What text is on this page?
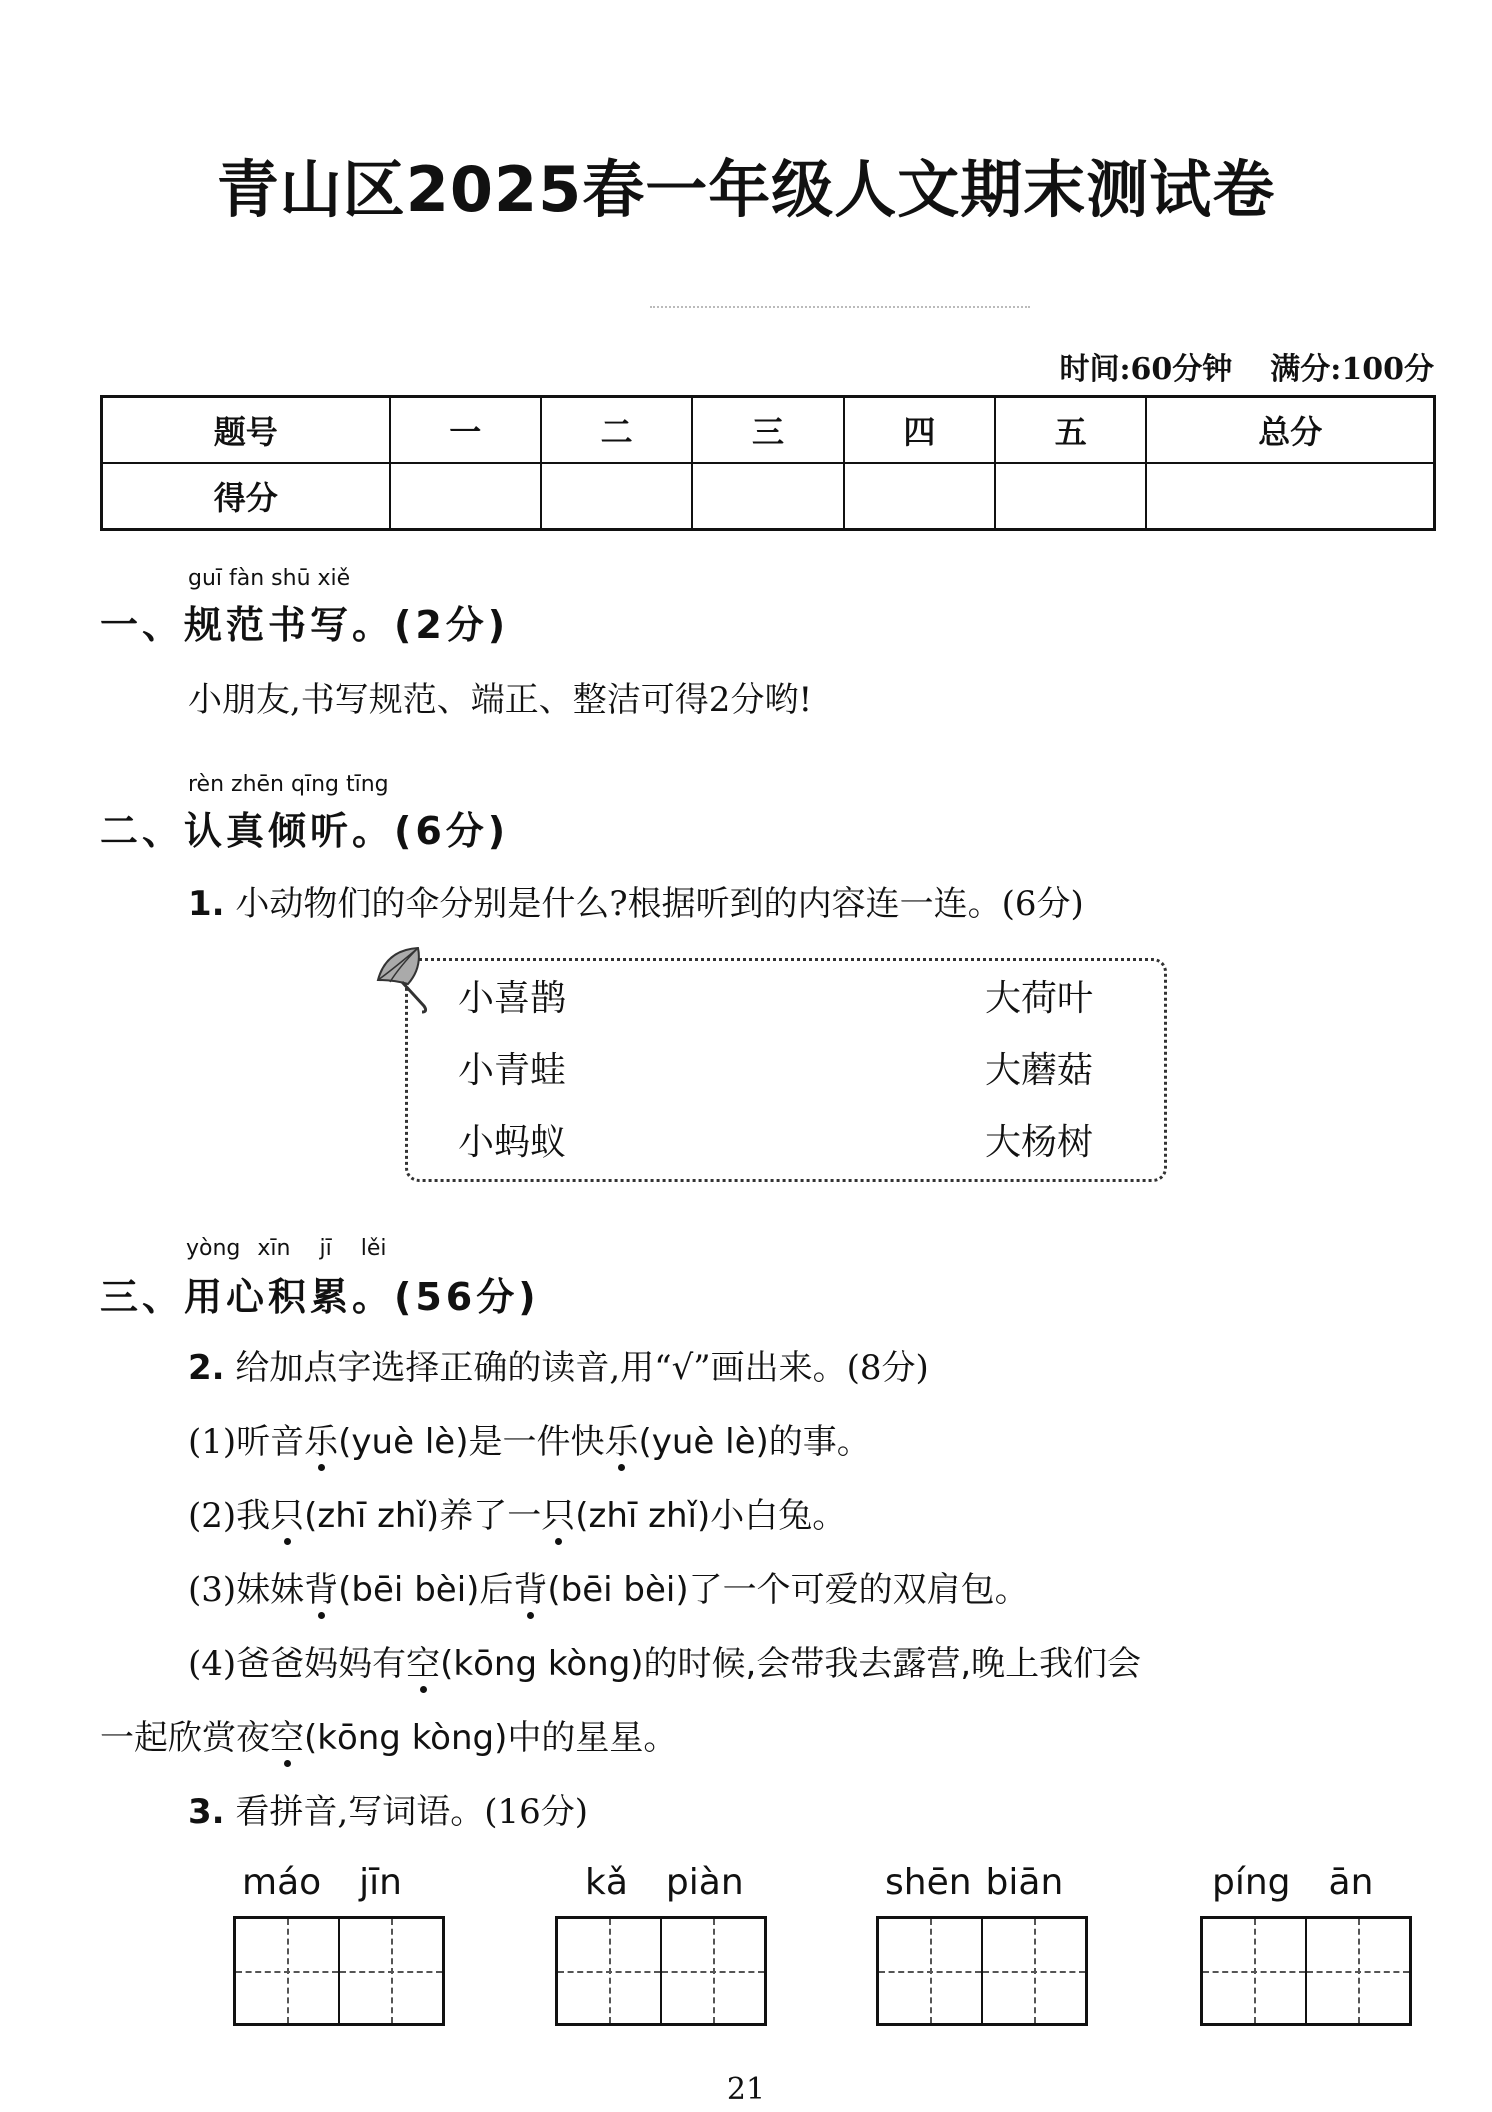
青山区2025春一年级人文期末测试卷
时间:60分钟 满分:100分
题号	一	二	三	四	五	总分
得分						
guī fàn shū xiě
一、规范书写。(2分)
小朋友,书写规范、端正、整洁可得2分哟!
rèn zhēn qīng tīng
二、认真倾听。(6分)
1. 小动物们的伞分别是什么?根据听到的内容连一连。(6分)
小喜鹊
小青蛙
小蚂蚁
大荷叶
大蘑菇
大杨树
yòng xīn jī lěi
三、用心积累。(56分)
2. 给加点字选择正确的读音,用“√”画出来。(8分)
(1)听音乐(yuè lè)是一件快乐(yuè lè)的事。
(2)我只(zhī zhǐ)养了一只(zhī zhǐ)小白兔。
(3)妹妹背(bēi bèi)后背(bēi bèi)了一个可爱的双肩包。
(4)爸爸妈妈有空(kōng kòng)的时候,会带我去露营,晚上我们会
一起欣赏夜空(kōng kòng)中的星星。
3. 看拼音,写词语。(16分)
máo jīn	kǎ piàn	shēn biān	píng ān
21
